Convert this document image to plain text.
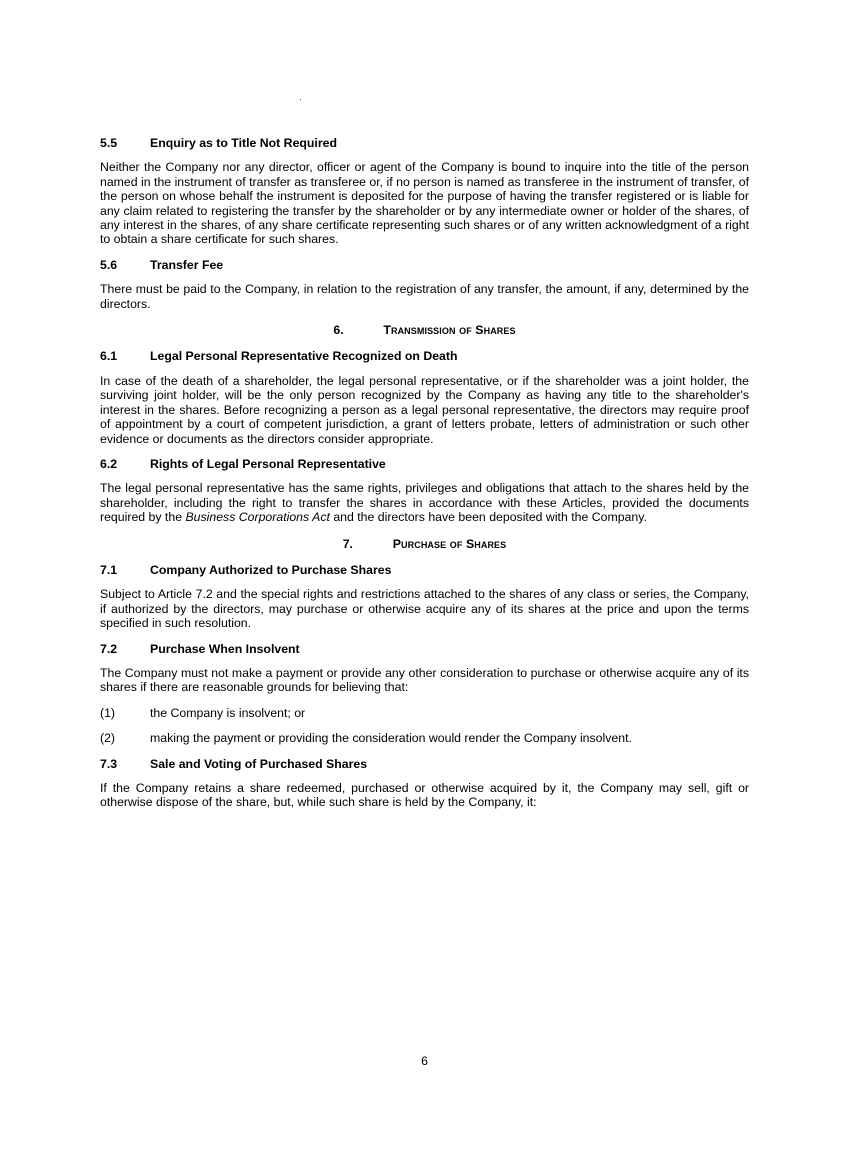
5.5	Enquiry as to Title Not Required

Neither the Company nor any director, officer or agent of the Company is bound to inquire into the title of the person named in the instrument of transfer as transferee or, if no person is named as transferee in the instrument of transfer, of the person on whose behalf the instrument is deposited for the purpose of having the transfer registered or is liable for any claim related to registering the transfer by the shareholder or by any intermediate owner or holder of the shares, of any interest in the shares, of any share certificate representing such shares or of any written acknowledgment of a right to obtain a share certificate for such shares.

5.6	Transfer Fee

There must be paid to the Company, in relation to the registration of any transfer, the amount, if any, determined by the directors.

6.	Transmission of Shares
6.1	Legal Personal Representative Recognized on Death

In case of the death of a shareholder, the legal personal representative, or if the shareholder was a joint holder, the surviving joint holder, will be the only person recognized by the Company as having any title to the shareholder's interest in the shares. Before recognizing a person as a legal personal representative, the directors may require proof of appointment by a court of competent jurisdiction, a grant of letters probate, letters of administration or such other evidence or documents as the directors consider appropriate.

6.2	Rights of Legal Personal Representative

The legal personal representative has the same rights, privileges and obligations that attach to the shares held by the shareholder, including the right to transfer the shares in accordance with these Articles, provided the documents required by the Business Corporations Act and the directors have been deposited with the Company.

7.	Purchase of Shares
7.1	Company Authorized to Purchase Shares

Subject to Article 7.2 and the special rights and restrictions attached to the shares of any class or series, the Company, if authorized by the directors, may purchase or otherwise acquire any of its shares at the price and upon the terms specified in such resolution.

7.2	Purchase When Insolvent

The Company must not make a payment or provide any other consideration to purchase or otherwise acquire any of its shares if there are reasonable grounds for believing that:

(1)	the Company is insolvent; or
(2)	making the payment or providing the consideration would render the Company insolvent.
7.3	Sale and Voting of Purchased Shares

If the Company retains a share redeemed, purchased or otherwise acquired by it, the Company may sell, gift or otherwise dispose of the share, but, while such share is held by the Company, it:

6
